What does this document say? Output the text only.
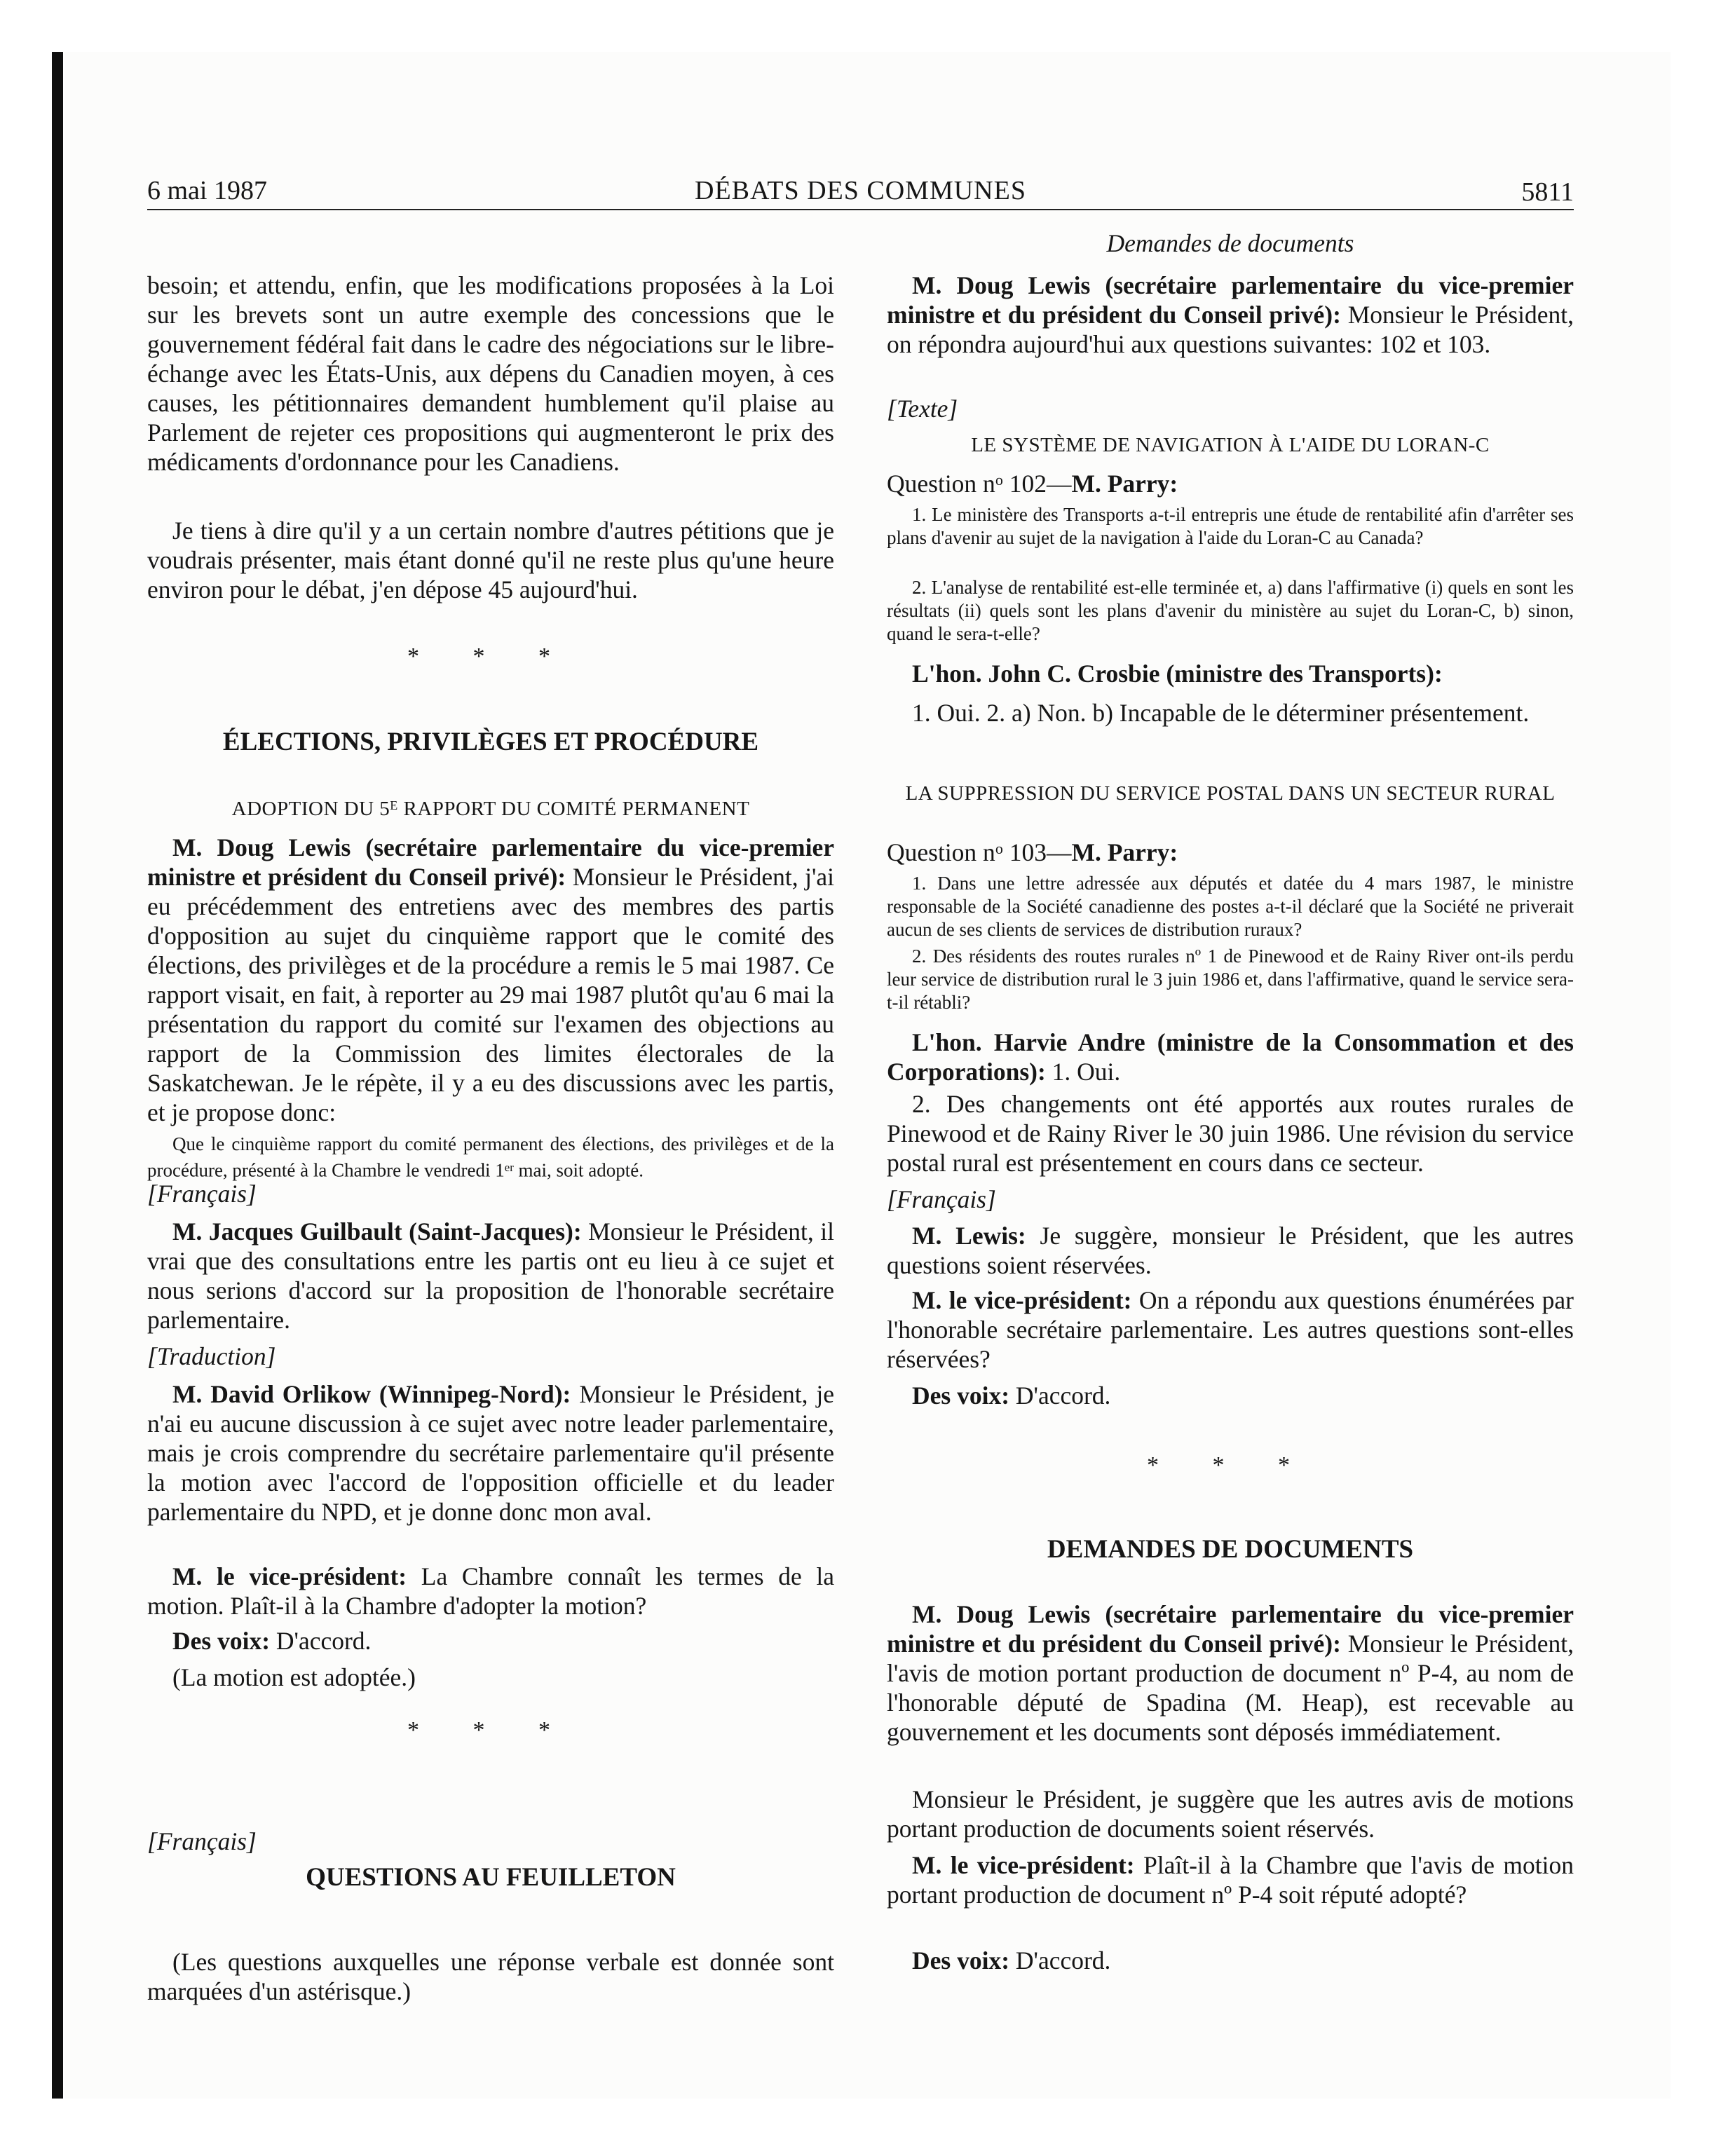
6 mai 1987	DÉBATS DES COMMUNES	5811

besoin; et attendu, enfin, que les modifications proposées à la Loi sur les brevets sont un autre exemple des concessions que le gouvernement fédéral fait dans le cadre des négociations sur le libre-échange avec les États-Unis, aux dépens du Canadien moyen, à ces causes, les pétitionnaires demandent humblement qu'il plaise au Parlement de rejeter ces propositions qui augmenteront le prix des médicaments d'ordonnance pour les Canadiens.

Je tiens à dire qu'il y a un certain nombre d'autres pétitions que je voudrais présenter, mais étant donné qu'il ne reste plus qu'une heure environ pour le débat, j'en dépose 45 aujourd'hui.

* * *

ÉLECTIONS, PRIVILÈGES ET PROCÉDURE

ADOPTION DU $5^E$ RAPPORT DU COMITÉ PERMANENT

M. Doug Lewis (secrétaire parlementaire du vice-premier ministre et président du Conseil privé): Monsieur le Président, j'ai eu précédemment des entretiens avec des membres des partis d'opposition au sujet du cinquième rapport que le comité des élections, des privilèges et de la procédure a remis le 5 mai 1987. Ce rapport visait, en fait, à reporter au 29 mai 1987 plutôt qu'au 6 mai la présentation du rapport du comité sur l'examen des objections au rapport de la Commission des limites électorales de la Saskatchewan. Je le répète, il y a eu des discussions avec les partis, et je propose donc:

Que le cinquième rapport du comité permanent des élections, des privilèges et de la procédure, présenté à la Chambre le vendredi 1er mai, soit adopté.

[Français]

M. Jacques Guilbault (Saint-Jacques): Monsieur le Président, il vrai que des consultations entre les partis ont eu lieu à ce sujet et nous serions d'accord sur la proposition de l'honorable secrétaire parlementaire.

[Traduction]

M. David Orlikow (Winnipeg-Nord): Monsieur le Président, je n'ai eu aucune discussion à ce sujet avec notre leader parlementaire, mais je crois comprendre du secrétaire parlementaire qu'il présente la motion avec l'accord de l'opposition officielle et du leader parlementaire du NPD, et je donne donc mon aval.

M. le vice-président: La Chambre connaît les termes de la motion. Plaît-il à la Chambre d'adopter la motion?

Des voix: D'accord.

(La motion est adoptée.)

* * *

[Français]

QUESTIONS AU FEUILLETON

(Les questions auxquelles une réponse verbale est donnée sont marquées d'un astérisque.)

Demandes de documents

M. Doug Lewis (secrétaire parlementaire du vice-premier ministre et du président du Conseil privé): Monsieur le Président, on répondra aujourd'hui aux questions suivantes: 102 et 103.

[Texte]

LE SYSTÈME DE NAVIGATION À L'AIDE DU LORAN-C

Question $n^o$ 102—M. Parry:

1. Le ministère des Transports a-t-il entrepris une étude de rentabilité afin d'arrêter ses plans d'avenir au sujet de la navigation à l'aide du Loran-C au Canada?

2. L'analyse de rentabilité est-elle terminée et, a) dans l'affirmative (i) quels en sont les résultats (ii) quels sont les plans d'avenir du ministère au sujet du Loran-C, b) sinon, quand le sera-t-elle?

L'hon. John C. Crosbie (ministre des Transports):

1. Oui. 2. a) Non. b) Incapable de le déterminer présentement.

LA SUPPRESSION DU SERVICE POSTAL DANS UN SECTEUR RURAL

Question $n^o$ 103—M. Parry:

1. Dans une lettre adressée aux députés et datée du 4 mars 1987, le ministre responsable de la Société canadienne des postes a-t-il déclaré que la Société ne priverait aucun de ses clients de services de distribution ruraux?

2. Des résidents des routes rurales nº 1 de Pinewood et de Rainy River ont-ils perdu leur service de distribution rural le 3 juin 1986 et, dans l'affirmative, quand le service sera-t-il rétabli?

L'hon. Harvie Andre (ministre de la Consommation et des Corporations): 1. Oui.

2. Des changements ont été apportés aux routes rurales de Pinewood et de Rainy River le 30 juin 1986. Une révision du service postal rural est présentement en cours dans ce secteur.

[Français]

M. Lewis: Je suggère, monsieur le Président, que les autres questions soient réservées.

M. le vice-président: On a répondu aux questions énumérées par l'honorable secrétaire parlementaire. Les autres questions sont-elles réservées?

Des voix: D'accord.

* * *

DEMANDES DE DOCUMENTS

M. Doug Lewis (secrétaire parlementaire du vice-premier ministre et du président du Conseil privé): Monsieur le Président, l'avis de motion portant production de document nº P-4, au nom de l'honorable député de Spadina (M. Heap), est recevable au gouvernement et les documents sont déposés immédiatement.

Monsieur le Président, je suggère que les autres avis de motions portant production de documents soient réservés.

M. le vice-président: Plaît-il à la Chambre que l'avis de motion portant production de document nº P-4 soit réputé adopté?

Des voix: D'accord.
